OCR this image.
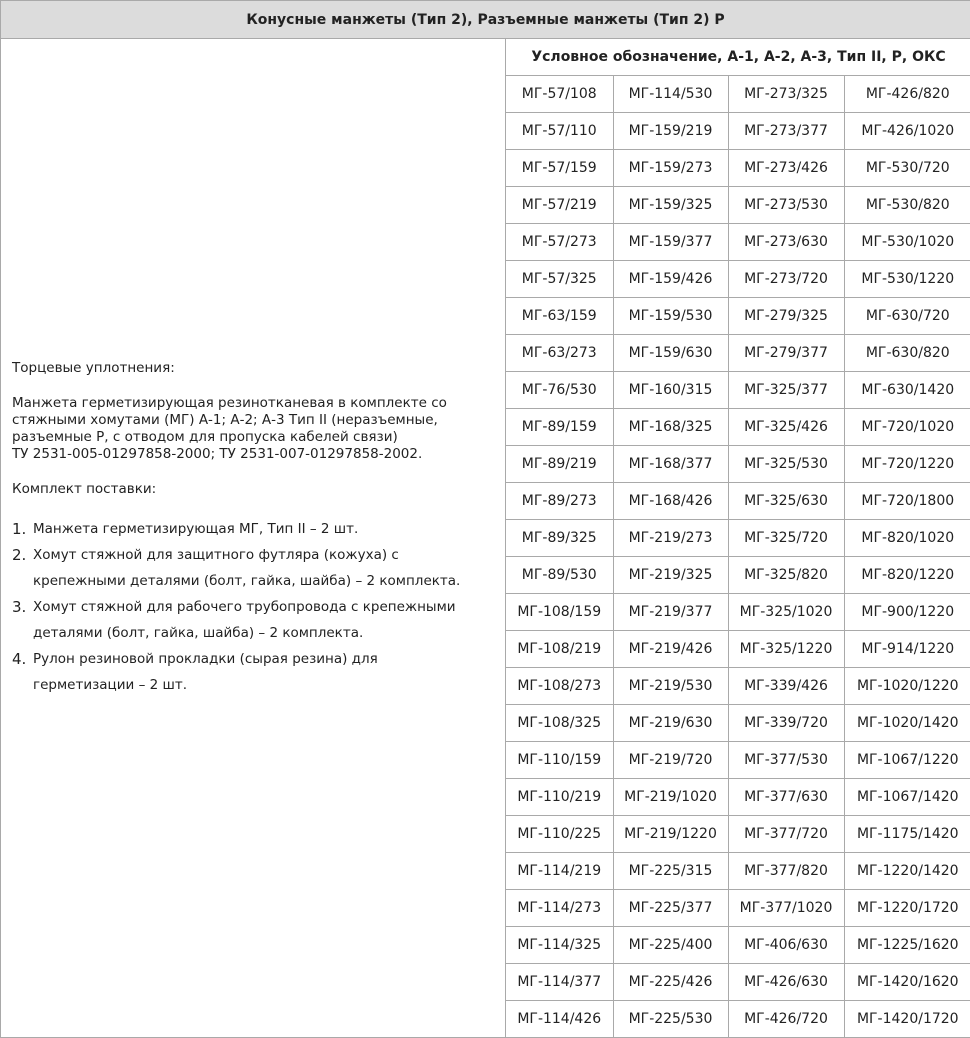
Конусные манжеты (Тип 2), Разъемные манжеты (Тип 2) Р

Торцевые уплотнения:

Манжета герметизирующая резинотканевая в комплекте со
стяжными хомутами (МГ) А-1; А-2; А-3 Тип II (неразъемные,
разъемные Р, с отводом для пропуска кабелей связи)
ТУ 2531-005-01297858-2000; ТУ 2531-007-01297858-2002.

Комплект поставки:

1. Манжета герметизирующая МГ, Тип II – 2 шт.
2. Хомут стяжной для защитного футляра (кожуха) с
крепежными деталями (болт, гайка, шайба) – 2 комплекта.
3. Хомут стяжной для рабочего трубопровода с крепежными
деталями (болт, гайка, шайба) – 2 комплекта.
4. Рулон резиновой прокладки (сырая резина) для
герметизации – 2 шт.
Условное обозначение, А-1, А-2, А-3, Тип II, Р, ОКС			
МГ-57/108	МГ-114/530	МГ-273/325	МГ-426/820
МГ-57/110	МГ-159/219	МГ-273/377	МГ-426/1020
МГ-57/159	МГ-159/273	МГ-273/426	МГ-530/720
МГ-57/219	МГ-159/325	МГ-273/530	МГ-530/820
МГ-57/273	МГ-159/377	МГ-273/630	МГ-530/1020
МГ-57/325	МГ-159/426	МГ-273/720	МГ-530/1220
МГ-63/159	МГ-159/530	МГ-279/325	МГ-630/720
МГ-63/273	МГ-159/630	МГ-279/377	МГ-630/820
МГ-76/530	МГ-160/315	МГ-325/377	МГ-630/1420
МГ-89/159	МГ-168/325	МГ-325/426	МГ-720/1020
МГ-89/219	МГ-168/377	МГ-325/530	МГ-720/1220
МГ-89/273	МГ-168/426	МГ-325/630	МГ-720/1800
МГ-89/325	МГ-219/273	МГ-325/720	МГ-820/1020
МГ-89/530	МГ-219/325	МГ-325/820	МГ-820/1220
МГ-108/159	МГ-219/377	МГ-325/1020	МГ-900/1220
МГ-108/219	МГ-219/426	МГ-325/1220	МГ-914/1220
МГ-108/273	МГ-219/530	МГ-339/426	МГ-1020/1220
МГ-108/325	МГ-219/630	МГ-339/720	МГ-1020/1420
МГ-110/159	МГ-219/720	МГ-377/530	МГ-1067/1220
МГ-110/219	МГ-219/1020	МГ-377/630	МГ-1067/1420
МГ-110/225	МГ-219/1220	МГ-377/720	МГ-1175/1420
МГ-114/219	МГ-225/315	МГ-377/820	МГ-1220/1420
МГ-114/273	МГ-225/377	МГ-377/1020	МГ-1220/1720
МГ-114/325	МГ-225/400	МГ-406/630	МГ-1225/1620
МГ-114/377	МГ-225/426	МГ-426/630	МГ-1420/1620
МГ-114/426	МГ-225/530	МГ-426/720	МГ-1420/1720
